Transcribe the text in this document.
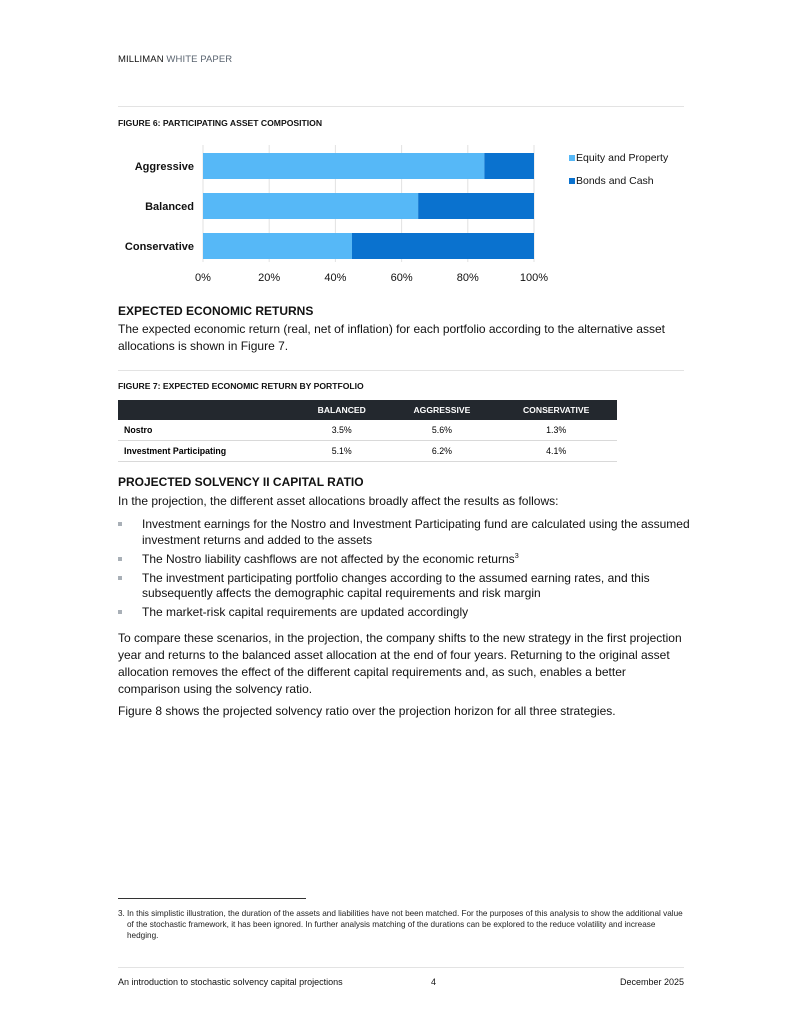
MILLIMAN WHITE PAPER
FIGURE 6: PARTICIPATING ASSET COMPOSITION
Aggressive
Balanced
Conservative
0%	20%	40%	60%	80%	100%
Equity and Property
Bonds and Cash
EXPECTED ECONOMIC RETURNS
The expected economic return (real, net of inflation) for each portfolio according to the alternative asset allocations is shown in Figure 7.
FIGURE 7: EXPECTED ECONOMIC RETURN BY PORTFOLIO
	BALANCED	AGGRESSIVE	CONSERVATIVE
Nostro	3.5%	5.6%	1.3%
Investment Participating	5.1%	6.2%	4.1%
PROJECTED SOLVENCY II CAPITAL RATIO
In the projection, the different asset allocations broadly affect the results as follows:
Investment earnings for the Nostro and Investment Participating fund are calculated using the assumed investment returns and added to the assets
The Nostro liability cashflows are not affected by the economic returns$^3$
The investment participating portfolio changes according to the assumed earning rates, and this subsequently affects the demographic capital requirements and risk margin
The market-risk capital requirements are updated accordingly
To compare these scenarios, in the projection, the company shifts to the new strategy in the first projection year and returns to the balanced asset allocation at the end of four years. Returning to the original asset allocation removes the effect of the different capital requirements and, as such, enables a better comparison using the solvency ratio.
Figure 8 shows the projected solvency ratio over the projection horizon for all three strategies.
3. In this simplistic illustration, the duration of the assets and liabilities have not been matched. For the purposes of this analysis to show the additional value of the stochastic framework, it has been ignored. In further analysis matching of the durations can be explored to the reduce volatility and increase hedging.
An introduction to stochastic solvency capital projections	4	December 2025
